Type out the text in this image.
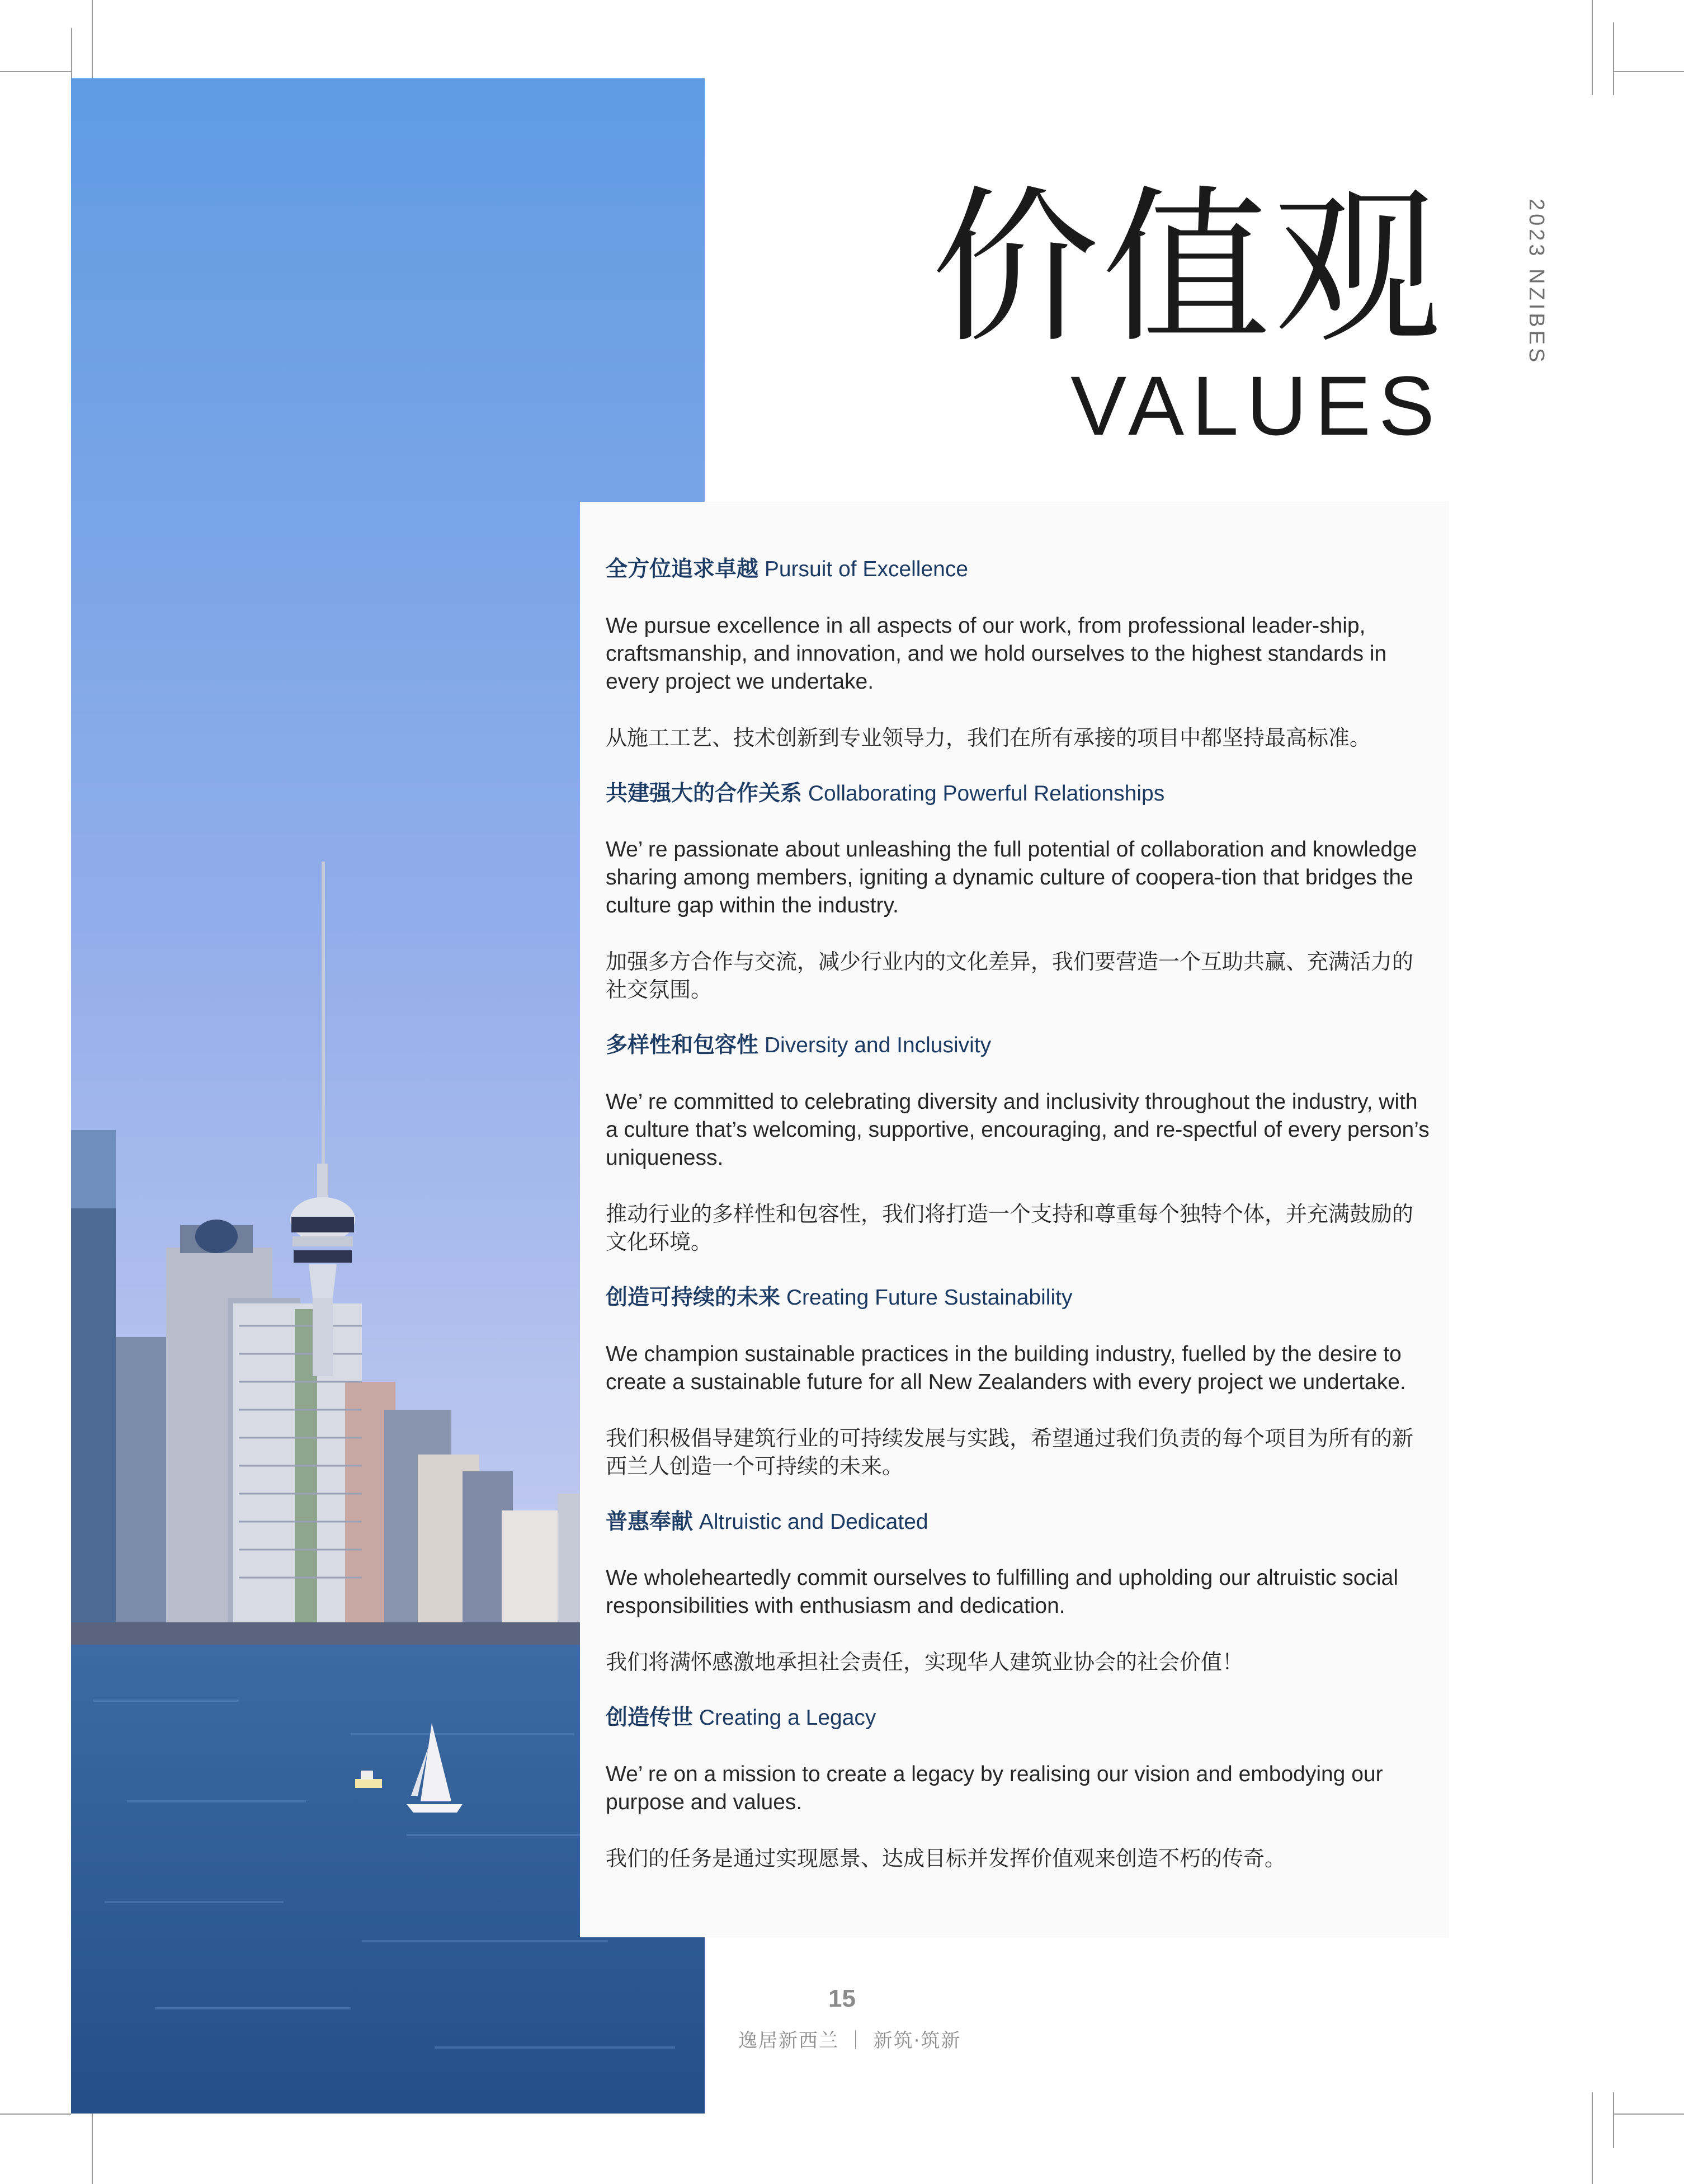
价值观
VALUES
2023 NZIBES
全方位追求卓越 Pursuit of Excellence
We pursue excellence in all aspects of our work, from professional leader-ship, craftsmanship, and innovation, and we hold ourselves to the highest standards in every project we undertake.
从施工工艺、技术创新到专业领导力，我们在所有承接的项目中都坚持最高标准。
共建强大的合作关系 Collaborating Powerful Relationships
We’ re passionate about unleashing the full potential of collaboration and knowledge sharing among members, igniting a dynamic culture of coopera-tion that bridges the culture gap within the industry.
加强多方合作与交流，减少行业内的文化差异，我们要营造一个互助共赢、充满活力的社交氛围。
多样性和包容性 Diversity and Inclusivity
We’ re committed to celebrating diversity and inclusivity throughout the industry, with a culture that’s welcoming, supportive, encouraging, and re-spectful of every person’s uniqueness.
推动行业的多样性和包容性，我们将打造一个支持和尊重每个独特个体，并充满鼓励的文化环境。
创造可持续的未来 Creating Future Sustainability
We champion sustainable practices in the building industry, fuelled by the desire to create a sustainable future for all New Zealanders with every project we undertake.
我们积极倡导建筑行业的可持续发展与实践，希望通过我们负责的每个项目为所有的新西兰人创造一个可持续的未来。
普惠奉献 Altruistic and Dedicated
We wholeheartedly commit ourselves to fulfilling and upholding our altruistic social responsibilities with enthusiasm and dedication.
我们将满怀感激地承担社会责任，实现华人建筑业协会的社会价值！
创造传世 Creating a Legacy
We’ re on a mission to create a legacy by realising our vision and embodying our purpose and values.
我们的任务是通过实现愿景、达成目标并发挥价值观来创造不朽的传奇。
15
逸居新西兰 ｜ 新筑·筑新
